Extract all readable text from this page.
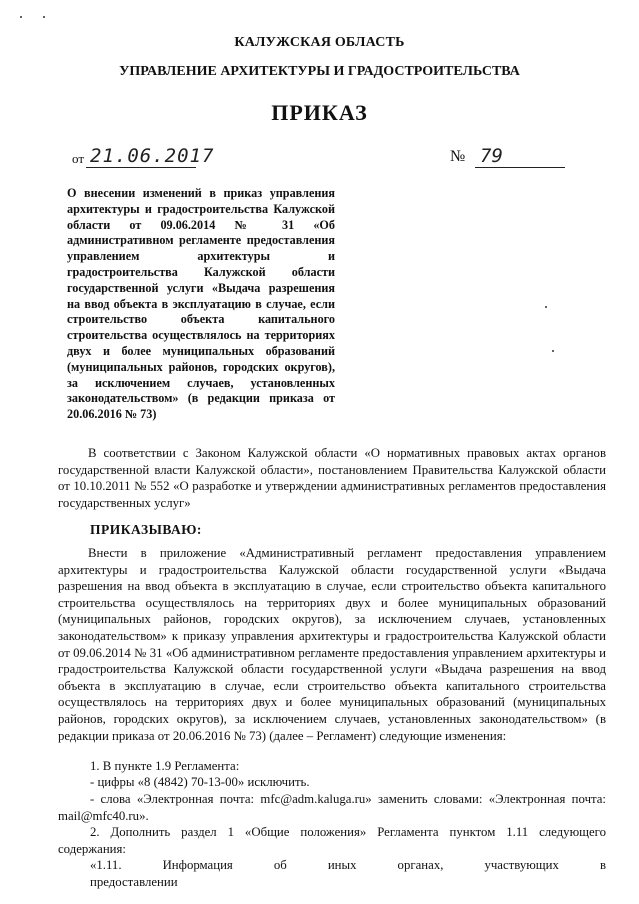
КАЛУЖСКАЯ ОБЛАСТЬ
УПРАВЛЕНИЕ АРХИТЕКТУРЫ И ГРАДОСТРОИТЕЛЬСТВА
ПРИКАЗ
от 21.06.2017	№ 79
О внесении изменений в приказ управления архитектуры и градостроительства Калужской области от 09.06.2014 № 31 «Об административном регламенте предоставления управлением архитектуры и градостроительства Калужской области государственной услуги «Выдача разрешения на ввод объекта в эксплуатацию в случае, если строительство объекта капитального строительства осуществлялось на территориях двух и более муниципальных образований (муниципальных районов, городских округов), за исключением случаев, установленных законодательством» (в редакции приказа от 20.06.2016 № 73)
В соответствии с Законом Калужской области «О нормативных правовых актах органов государственной власти Калужской области», постановлением Правительства Калужской области от 10.10.2011 № 552 «О разработке и утверждении административных регламентов предоставления государственных услуг»
ПРИКАЗЫВАЮ:
Внести в приложение «Административный регламент предоставления управлением архитектуры и градостроительства Калужской области государственной услуги «Выдача разрешения на ввод объекта в эксплуатацию в случае, если строительство объекта капитального строительства осуществлялось на территориях двух и более муниципальных образований (муниципальных районов, городских округов), за исключением случаев, установленных законодательством» к приказу управления архитектуры и градостроительства Калужской области от 09.06.2014 № 31 «Об административном регламенте предоставления управлением архитектуры и градостроительства Калужской области государственной услуги «Выдача разрешения на ввод объекта в эксплуатацию в случае, если строительство объекта капитального строительства осуществлялось на территориях двух и более муниципальных образований (муниципальных районов, городских округов), за исключением случаев, установленных законодательством» (в редакции приказа от 20.06.2016 № 73) (далее – Регламент) следующие изменения:
1. В пункте 1.9 Регламента:
- цифры «8 (4842) 70-13-00» исключить.
- слова «Электронная почта: mfc@adm.kaluga.ru» заменить словами: «Электронная почта: mail@mfc40.ru».
2. Дополнить раздел 1 «Общие положения» Регламента пунктом 1.11 следующего содержания:
«1.11. Информация об иных органах, участвующих в предоставлении
